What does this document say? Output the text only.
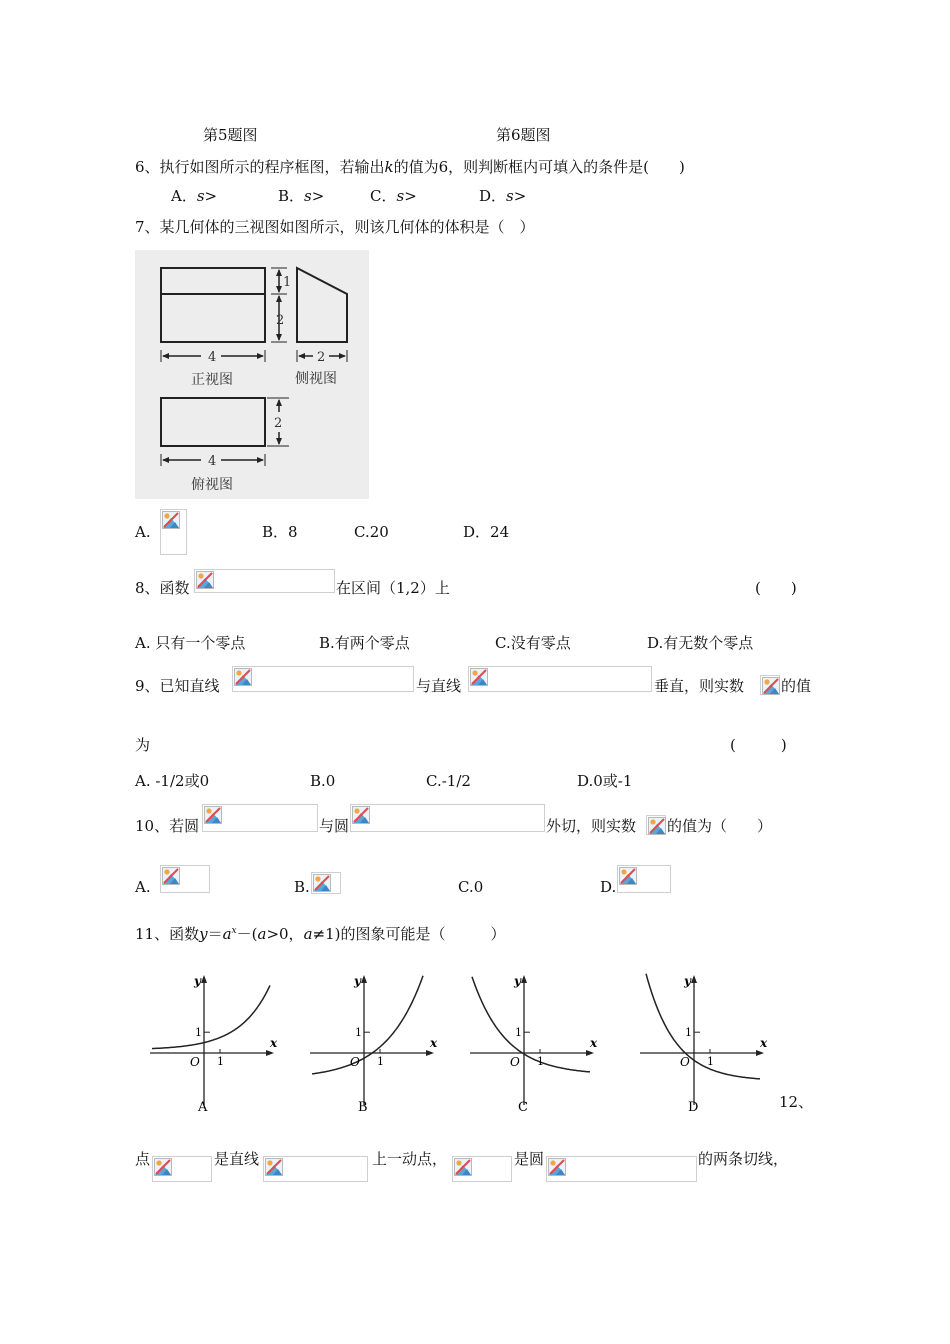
第5题图	第6题图
6、执行如图所示的程序框图，若输出k的值为6，则判断框内可填入的条件是(　　)
A．s>	B．s>	C．s>	D．s>
7、某几何体的三视图如图所示，则该几何体的体积是（　）
1
2
4	2
正视图	侧视图
2
4
俯视图
A.	B．8	C.20	D．24
8、函数	在区间（1,2）上	(　　)
A. 只有一个零点	B.有两个零点	C.没有零点	D.有无数个零点
9、已知直线	与直线	垂直，则实数 的值
为	(　　　)
A. -1/2或0	B.0	C.-1/2	D.0或-1
10、若圆	与圆	外切，则实数 的值为（　　）
A.	B.	C.0	D.
11、函数$y=a^x-(a>0$，a≠1)的图象可能是（　　　）
y
x
O 1
1
A
y
x
O 1
1
B
y
x
O 1
1
C
y
x
O 1
1
D	12、
点	是直线	上一动点，	是圆	的两条切线，
